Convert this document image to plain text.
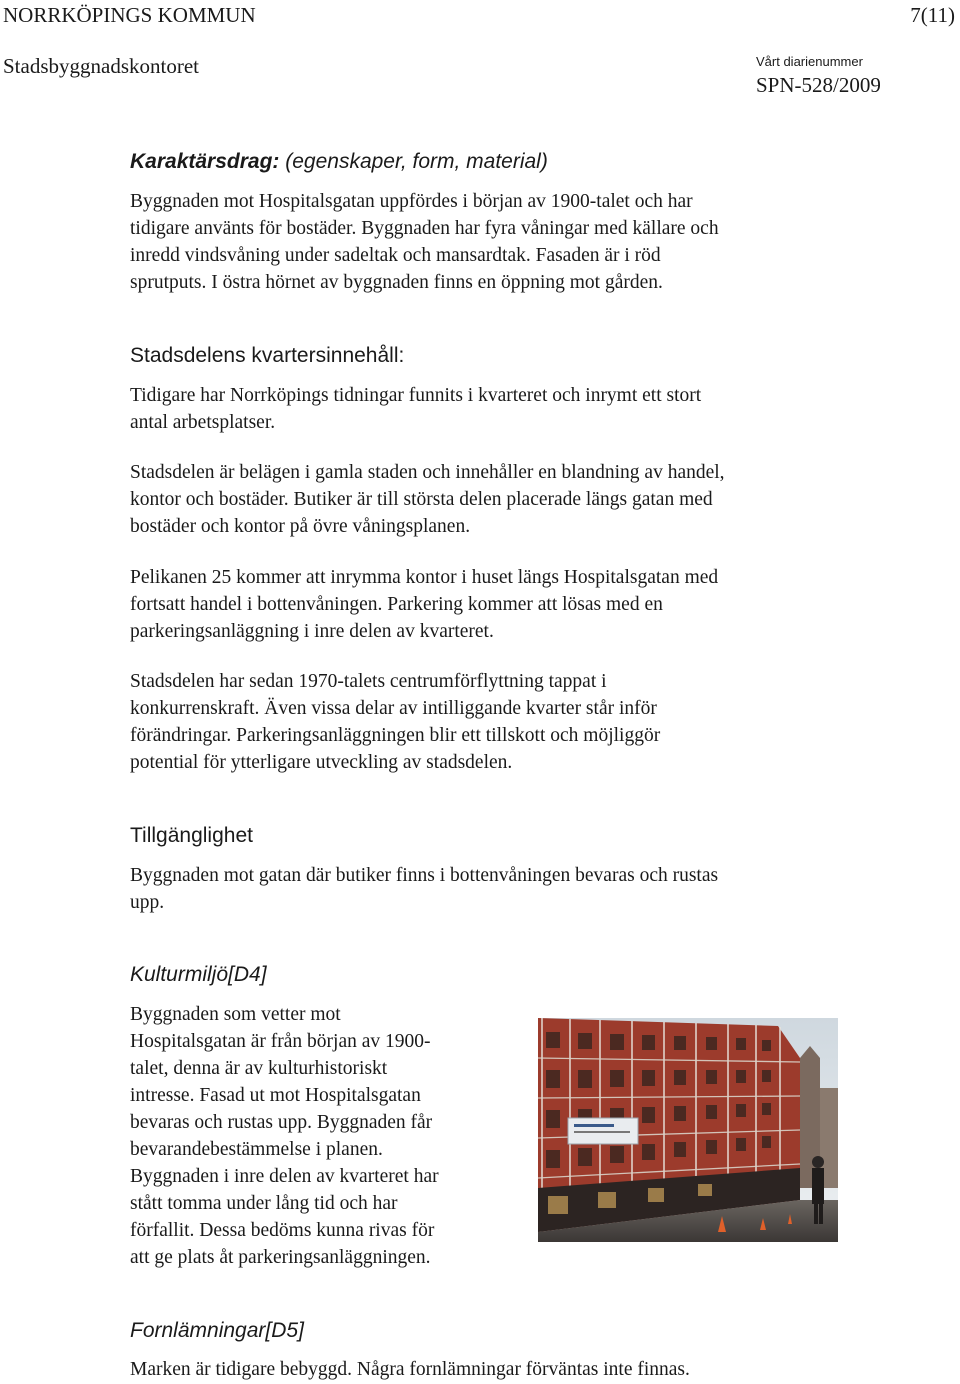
NORRKÖPINGS KOMMUN	7(11)
Stadsbyggnadskontoret	Vårt diarienummer
SPN-528/2009
Karaktärsdrag: (egenskaper, form, material)

Byggnaden mot Hospitalsgatan uppfördes i början av 1900-talet och har
tidigare använts för bostäder. Byggnaden har fyra våningar med källare och
inredd vindsvåning under sadeltak och mansardtak. Fasaden är i röd
sprutputs. I östra hörnet av byggnaden finns en öppning mot gården.

Stadsdelens kvartersinnehåll:

Tidigare har Norrköpings tidningar funnits i kvarteret och inrymt ett stort
antal arbetsplatser.

Stadsdelen är belägen i gamla staden och innehåller en blandning av handel,
kontor och bostäder. Butiker är till största delen placerade längs gatan med
bostäder och kontor på övre våningsplanen.

Pelikanen 25 kommer att inrymma kontor i huset längs Hospitalsgatan med
fortsatt handel i bottenvåningen. Parkering kommer att lösas med en
parkeringsanläggning i inre delen av kvarteret.

Stadsdelen har sedan 1970-talets centrumförflyttning tappat i
konkurrenskraft. Även vissa delar av intilliggande kvarter står inför
förändringar. Parkeringsanläggningen blir ett tillskott och möjliggör
potential för ytterligare utveckling av stadsdelen.

Tillgänglighet

Byggnaden mot gatan där butiker finns i bottenvåningen bevaras och rustas
upp.

Kulturmiljö[D4]

Byggnaden som vetter mot
Hospitalsgatan är från början av 1900-
talet, denna är av kulturhistoriskt
intresse. Fasad ut mot Hospitalsgatan
bevaras och rustas upp. Byggnaden får
bevarandebestämmelse i planen.
Byggnaden i inre delen av kvarteret har
stått tomma under lång tid och har
förfallit. Dessa bedöms kunna rivas för
att ge plats åt parkeringsanläggningen.

Fornlämningar[D5]

Marken är tidigare bebyggd. Några fornlämningar förväntas inte finnas.
